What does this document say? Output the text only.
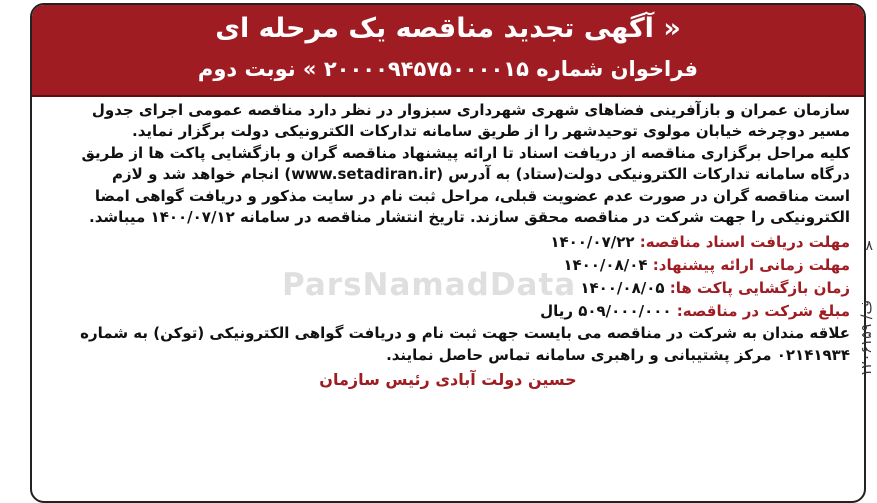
« آگهی تجدید مناقصه یک مرحله ای
فراخوان شماره ۲۰۰۰۰۹۴۵۷۵۰۰۰۰۱۵ » نوبت دوم

سازمان عمران و بازآفرینی فضاهای شهری شهرداری سبزوار در نظر دارد مناقصه عمومی اجرای جدول
مسیر دوچرخه خیابان مولوی توحیدشهر را از طریق سامانه تدارکات الکترونیکی دولت برگزار نماید.
کلیه مراحل برگزاری مناقصه از دریافت اسناد تا ارائه پیشنهاد مناقصه گران و بازگشایی پاکت ها از طریق
درگاه سامانه تدارکات الکترونیکی دولت(ستاد) به آدرس (www.setadiran.ir) انجام خواهد شد و لازم
است مناقصه گران در صورت عدم عضویت قبلی، مراحل ثبت نام در سایت مذکور و دریافت گواهی امضا
الکترونیکی را جهت شرکت در مناقصه محقق سازند. تاریخ انتشار مناقصه در سامانه ۱۴۰۰/۰۷/۱۲ میباشد.

مهلت دریافت اسناد مناقصه: ۱۴۰۰/۰۷/۲۲
مهلت زمانی ارائه پیشنهاد: ۱۴۰۰/۰۸/۰۴
زمان بازگشایی پاکت ها: ۱۴۰۰/۰۸/۰۵
مبلغ شرکت در مناقصه: ۵۰۹/۰۰۰/۰۰۰ ریال

علاقه مندان به شرکت در مناقصه می بایست جهت ثبت نام و دریافت گواهی الکترونیکی (توکن) به شماره
۰۲۱۴۱۹۳۴ مرکز پشتیبانی و راهبری سامانه تماس حاصل نمایند.

حسین دولت آبادی رئیس سازمان
ParsNamadData
۸
۱۲۰۶۱۵۹ /ف
